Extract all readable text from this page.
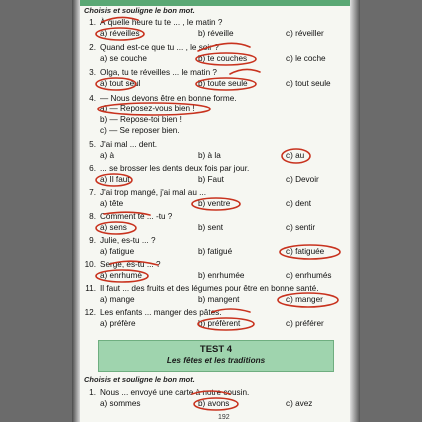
Choisis et souligne le bon mot.
1. À quelle heure tu te ... , le matin ?
a) réveilles	b) réveille	c) réveiller
2. Quand est-ce que tu ... , le soir ?
a) se couche	b) te couches	c) le coche
3. Olga, tu te réveilles ... le matin ?
a) tout seul	b) toute seule	c) tout seule
4. — Nous devons être en bonne forme.
a) — Reposez-vous bien !
b) — Repose-toi bien !
c) — Se reposer bien.
5. J'ai mal ... dent.
a) à	b) à la	c) au
6. ... se brosser les dents deux fois par jour.
a) Il faut	b) Faut	c) Devoir
7. J'ai trop mangé, j'ai mal au ...
a) tête	b) ventre	c) dent
8. Comment te ... -tu ?
a) sens	b) sent	c) sentir
9. Julie, es-tu ... ?
a) fatigue	b) fatigué	c) fatiguée
10. Serge, es-tu ... ?
a) enrhumé	b) enrhumée	c) enrhumés
11. Il faut ... des fruits et des légumes pour être en bonne santé.
a) mange	b) mangent	c) manger
12. Les enfants ... manger des pâtes.
a) préfère	b) préfèrent	c) préférer
TEST 4
Les fêtes et les traditions
Choisis et souligne le bon mot.
1. Nous ... envoyé une carte à notre cousin.
a) sommes	b) avons	c) avez
192
